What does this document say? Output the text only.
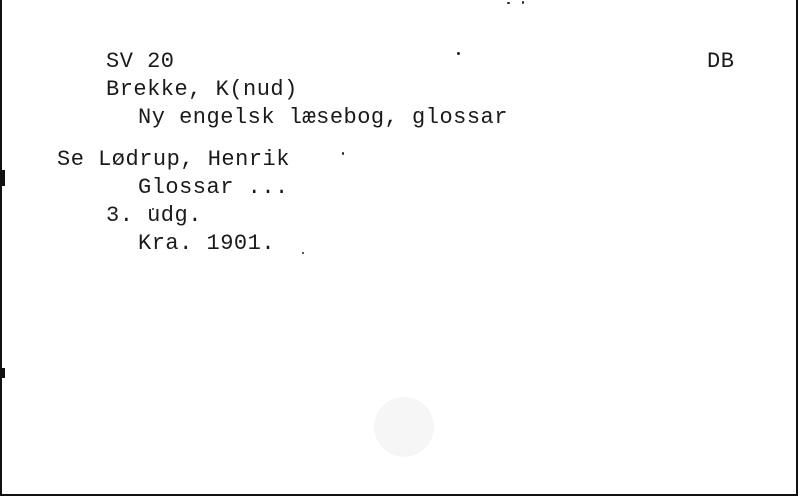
SV 20	DB
Brekke, K(nud)
Ny engelsk læsebog, glossar
Se Lødrup, Henrik
Glossar ...
3. udg.
Kra. 1901.
